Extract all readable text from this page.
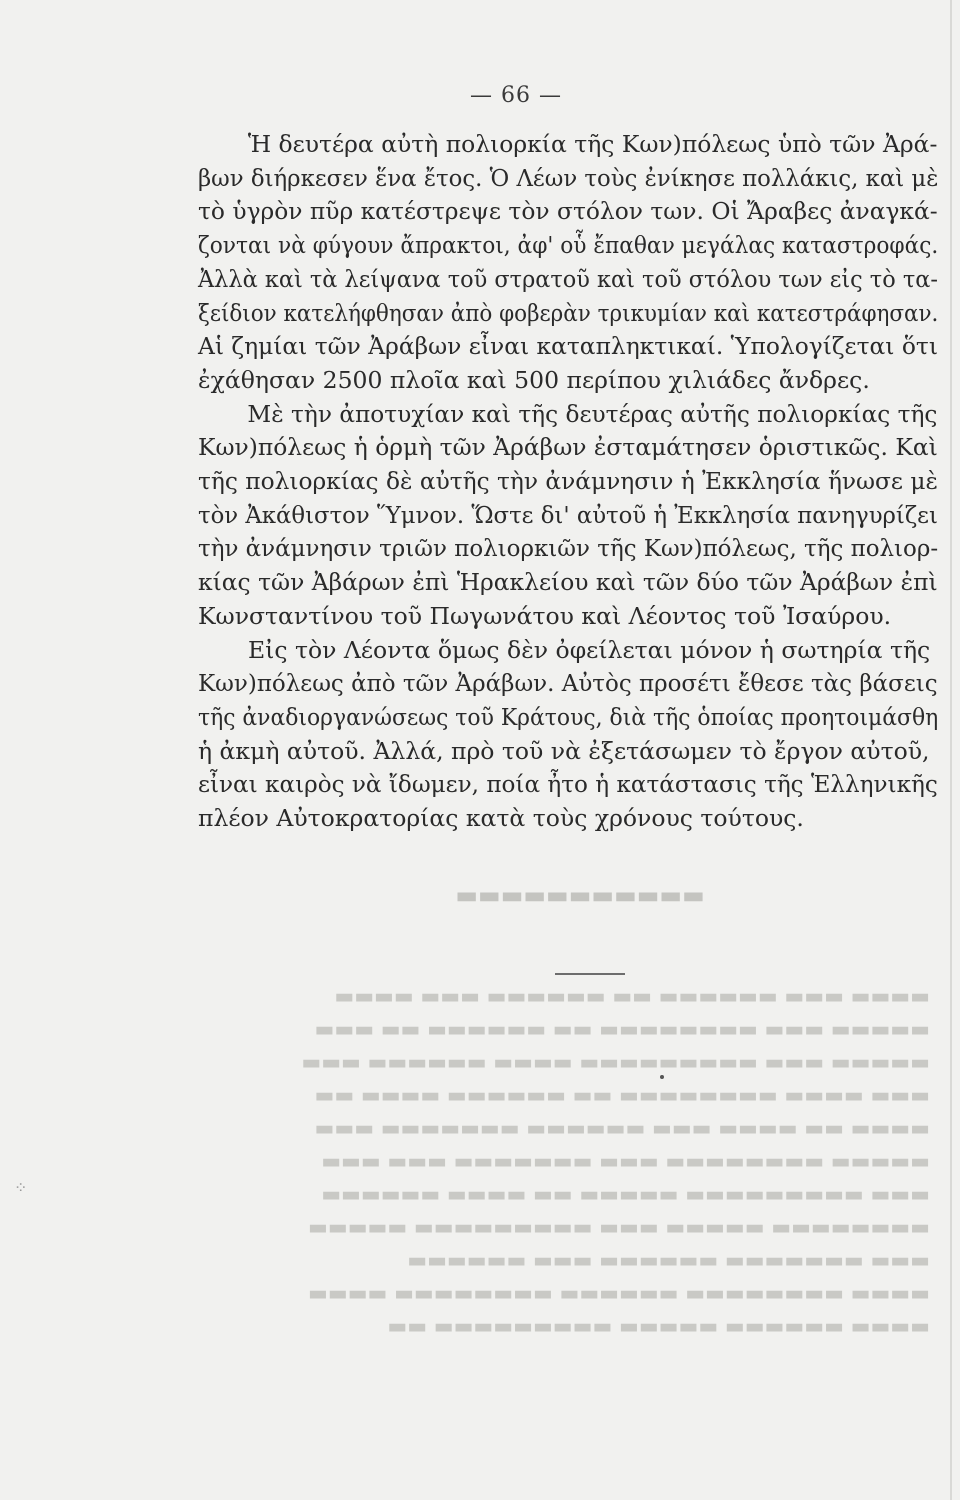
▬▬▬▬▬▬▬▬▬▬▬
▬▬▬▬ ▬▬▬ ▬▬▬▬▬▬ ▬▬ ▬▬▬▬▬▬ ▬▬▬ ▬▬▬▬
▬▬▬▬▬ ▬▬▬ ▬▬▬▬▬▬▬▬ ▬▬ ▬▬▬▬▬▬ ▬▬ ▬▬▬
▬▬▬▬▬ ▬▬▬ ▬▬▬▬▬▬▬▬▬ ▬▬▬▬ ▬▬▬▬▬▬ ▬▬▬
▬▬▬ ▬▬▬▬ ▬▬▬▬▬▬▬▬ ▬▬ ▬▬▬▬▬▬ ▬▬▬▬ ▬▬
▬▬▬▬ ▬▬ ▬▬▬▬ ▬▬▬ ▬▬▬▬▬▬ ▬▬▬▬▬▬▬ ▬▬▬
▬▬▬▬▬ ▬▬▬▬▬▬▬▬ ▬▬▬ ▬▬▬▬▬▬▬ ▬▬▬ ▬▬▬
▬▬▬ ▬▬▬▬▬▬▬▬▬ ▬▬▬▬▬ ▬▬ ▬▬▬▬ ▬▬▬▬▬▬
▬▬▬▬▬▬▬▬ ▬▬▬▬▬ ▬▬▬ ▬▬▬▬▬▬▬▬▬ ▬▬▬▬▬
▬▬▬ ▬▬▬▬▬▬▬ ▬▬▬▬▬▬ ▬▬▬ ▬▬▬▬▬▬
▬▬▬▬ ▬▬▬▬▬▬▬▬ ▬▬▬▬▬▬ ▬▬▬▬▬▬▬▬ ▬▬▬▬
▬▬▬▬ ▬▬▬▬▬▬ ▬▬▬▬▬ ▬▬▬▬▬▬▬▬▬ ▬▬
— 66 —
Ἡ δευτέρα αὐτὴ πολιορκία τῆς Κων)πόλεως ὑπὸ τῶν Ἀρά-
βων διήρκεσεν ἕνα ἔτος. Ὁ Λέων τοὺς ἐνίκησε πολλάκις, καὶ μὲ
τὸ ὑγρὸν πῦρ κατέστρεψε τὸν στόλον των. Οἱ Ἄραβες ἀναγκά-
ζονται νὰ φύγουν ἄπρακτοι, ἀφ' οὗ ἔπαθαν μεγάλας καταστροφάς.
Ἀλλὰ καὶ τὰ λείψανα τοῦ στρατοῦ καὶ τοῦ στόλου των εἰς τὸ τα-
ξείδιον κατελήφθησαν ἀπὸ φοβερὰν τρικυμίαν καὶ κατεστράφησαν.
Αἱ ζημίαι τῶν Ἀράβων εἶναι καταπληκτικαί. Ὑπολογίζεται ὅτι
ἐχάθησαν 2500 πλοῖα καὶ 500 περίπου χιλιάδες ἄνδρες.
Μὲ τὴν ἀποτυχίαν καὶ τῆς δευτέρας αὐτῆς πολιορκίας τῆς
Κων)πόλεως ἡ ὁρμὴ τῶν Ἀράβων ἐσταμάτησεν ὁριστικῶς. Καὶ
τῆς πολιορκίας δὲ αὐτῆς τὴν ἀνάμνησιν ἡ Ἐκκλησία ἥνωσε μὲ
τὸν Ἀκάθιστον Ὕμνον. Ὥστε δι' αὐτοῦ ἡ Ἐκκλησία πανηγυρίζει
τὴν ἀνάμνησιν τριῶν πολιορκιῶν τῆς Κων)πόλεως, τῆς πολιορ-
κίας τῶν Ἀβάρων ἐπὶ Ἡρακλείου καὶ τῶν δύο τῶν Ἀράβων ἐπὶ
Κωνσταντίνου τοῦ Πωγωνάτου καὶ Λέοντος τοῦ Ἰσαύρου.
Εἰς τὸν Λέοντα ὅμως δὲν ὀφείλεται μόνον ἡ σωτηρία τῆς
Κων)πόλεως ἀπὸ τῶν Ἀράβων. Αὐτὸς προσέτι ἔθεσε τὰς βάσεις
τῆς ἀναδιοργανώσεως τοῦ Κράτους, διὰ τῆς ὁποίας προητοιμάσθη
ἡ ἀκμὴ αὐτοῦ. Ἀλλά, πρὸ τοῦ νὰ ἐξετάσωμεν τὸ ἔργον αὐτοῦ,
εἶναι καιρὸς νὰ ἴδωμεν, ποία ἦτο ἡ κατάστασις τῆς Ἑλληνικῆς
πλέον Αὐτοκρατορίας κατὰ τοὺς χρόνους τούτους.
⁘
